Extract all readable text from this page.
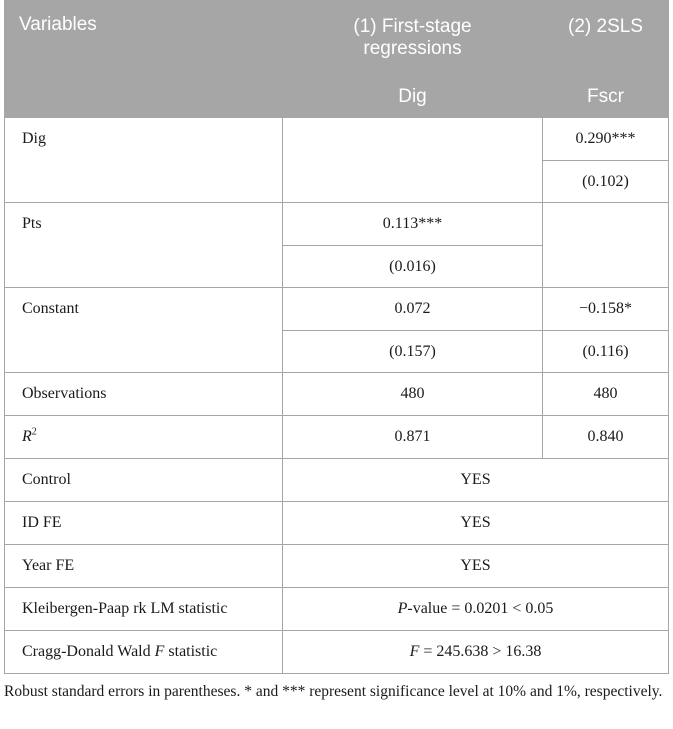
Variables	(1) First-stage regressions	(2) 2SLS
	Dig	Fscr
Dig		0.290***
		(0.102)
Pts	0.113***	
	(0.016)	
Constant	0.072	−0.158*
	(0.157)	(0.116)
Observations	480	480
$R^2$	0.871	0.840
Control	YES	
ID FE	YES	
Year FE	YES	
Kleibergen-Paap rk LM statistic	P-value = 0.0201 < 0.05	
Cragg-Donald Wald F statistic	F = 245.638 > 16.38	
Robust standard errors in parentheses. * and *** represent significance level at 10% and 1%, respectively.
